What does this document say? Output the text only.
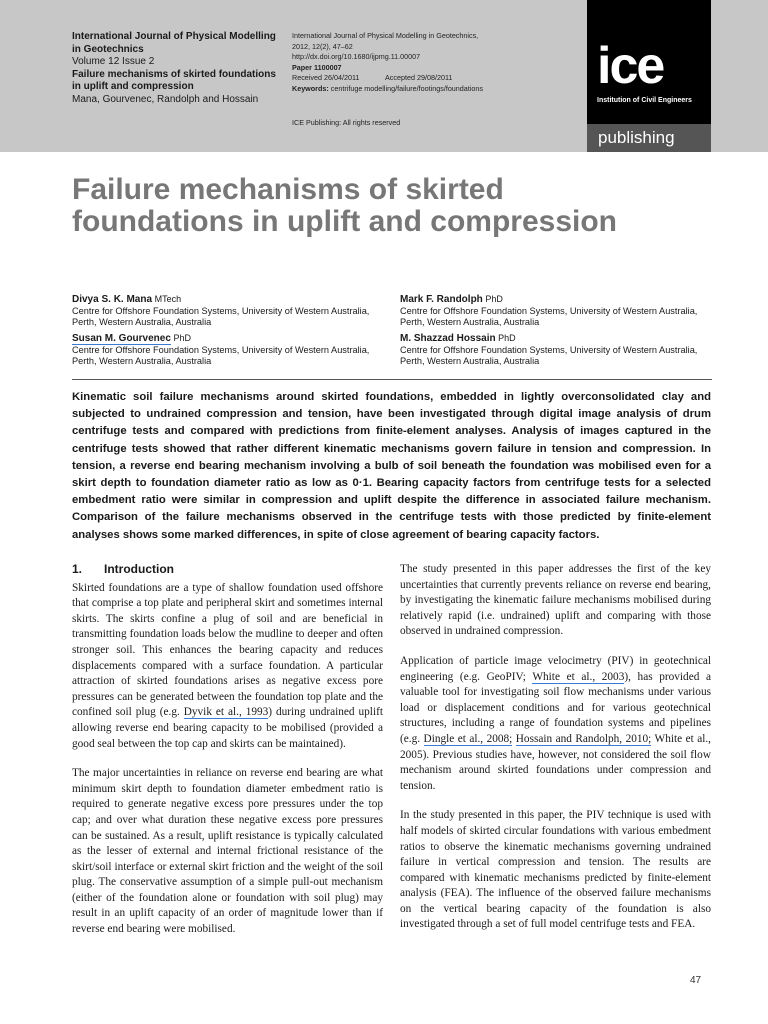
International Journal of Physical Modelling in Geotechnics
Volume 12 Issue 2
Failure mechanisms of skirted foundations in uplift and compression
Mana, Gourvenec, Randolph and Hossain
International Journal of Physical Modelling in Geotechnics,
2012, 12(2), 47–62
http://dx.doi.org/10.1680/ijpmg.11.00007
Paper 1100007
Received 26/04/2011	Accepted 29/08/2011
Keywords: centrifuge modelling/failure/footings/foundations
ICE Publishing: All rights reserved
ice
Institution of Civil Engineers
publishing
Failure mechanisms of skirted foundations in uplift and compression
Divya S. K. Mana MTech
Centre for Offshore Foundation Systems, University of Western Australia, Perth, Western Australia, Australia
Susan M. Gourvenec PhD
Centre for Offshore Foundation Systems, University of Western Australia, Perth, Western Australia, Australia
Mark F. Randolph PhD
Centre for Offshore Foundation Systems, University of Western Australia, Perth, Western Australia, Australia
M. Shazzad Hossain PhD
Centre for Offshore Foundation Systems, University of Western Australia, Perth, Western Australia, Australia

Kinematic soil failure mechanisms around skirted foundations, embedded in lightly overconsolidated clay and subjected to undrained compression and tension, have been investigated through digital image analysis of drum centrifuge tests and compared with predictions from finite-element analyses. Analysis of images captured in the centrifuge tests showed that rather different kinematic mechanisms govern failure in tension and compression. In tension, a reverse end bearing mechanism involving a bulb of soil beneath the foundation was mobilised even for a skirt depth to foundation diameter ratio as low as 0·1. Bearing capacity factors from centrifuge tests for a selected embedment ratio were similar in compression and uplift despite the difference in associated failure mechanism. Comparison of the failure mechanisms observed in the centrifuge tests with those predicted by finite-element analyses shows some marked differences, in spite of close agreement of bearing capacity factors.

1. Introduction

Skirted foundations are a type of shallow foundation used offshore that comprise a top plate and peripheral skirt and sometimes internal skirts. The skirts confine a plug of soil and are beneficial in transmitting foundation loads below the mudline to deeper and often stronger soil. This enhances the bearing capacity and reduces displacements compared with a surface foundation. A particular attraction of skirted foundations arises as negative excess pore pressures can be generated between the foundation top plate and the confined soil plug (e.g. Dyvik et al., 1993) during undrained uplift allowing reverse end bearing capacity to be mobilised (provided a good seal between the top cap and skirts can be maintained).

The major uncertainties in reliance on reverse end bearing are what minimum skirt depth to foundation diameter embedment ratio is required to generate negative excess pore pressures under the top cap; and over what duration these negative excess pore pressures can be sustained. As a result, uplift resistance is typically calculated as the lesser of external and internal frictional resistance of the skirt/soil interface or external skirt friction and the weight of the soil plug. The conservative assumption of a simple pull-out mechanism (either of the foundation alone or foundation with soil plug) may result in an uplift capacity of an order of magnitude lower than if reverse end bearing were mobilised.

The study presented in this paper addresses the first of the key uncertainties that currently prevents reliance on reverse end bearing, by investigating the kinematic failure mechanisms mobilised during relatively rapid (i.e. undrained) uplift and comparing with those observed in undrained compression.

Application of particle image velocimetry (PIV) in geotechnical engineering (e.g. GeoPIV; White et al., 2003), has provided a valuable tool for investigating soil flow mechanisms under various load or displacement conditions and for various geotechnical structures, including a range of foundation systems and pipelines (e.g. Dingle et al., 2008; Hossain and Randolph, 2010; White et al., 2005). Previous studies have, however, not considered the soil flow mechanism around skirted foundations under compression and tension.

In the study presented in this paper, the PIV technique is used with half models of skirted circular foundations with various embedment ratios to observe the kinematic mechanisms governing undrained failure in vertical compression and tension. The results are compared with kinematic mechanisms predicted by finite-element analysis (FEA). The influence of the observed failure mechanisms on the vertical bearing capacity of the foundation is also investigated through a set of full model centrifuge tests and FEA.

47
